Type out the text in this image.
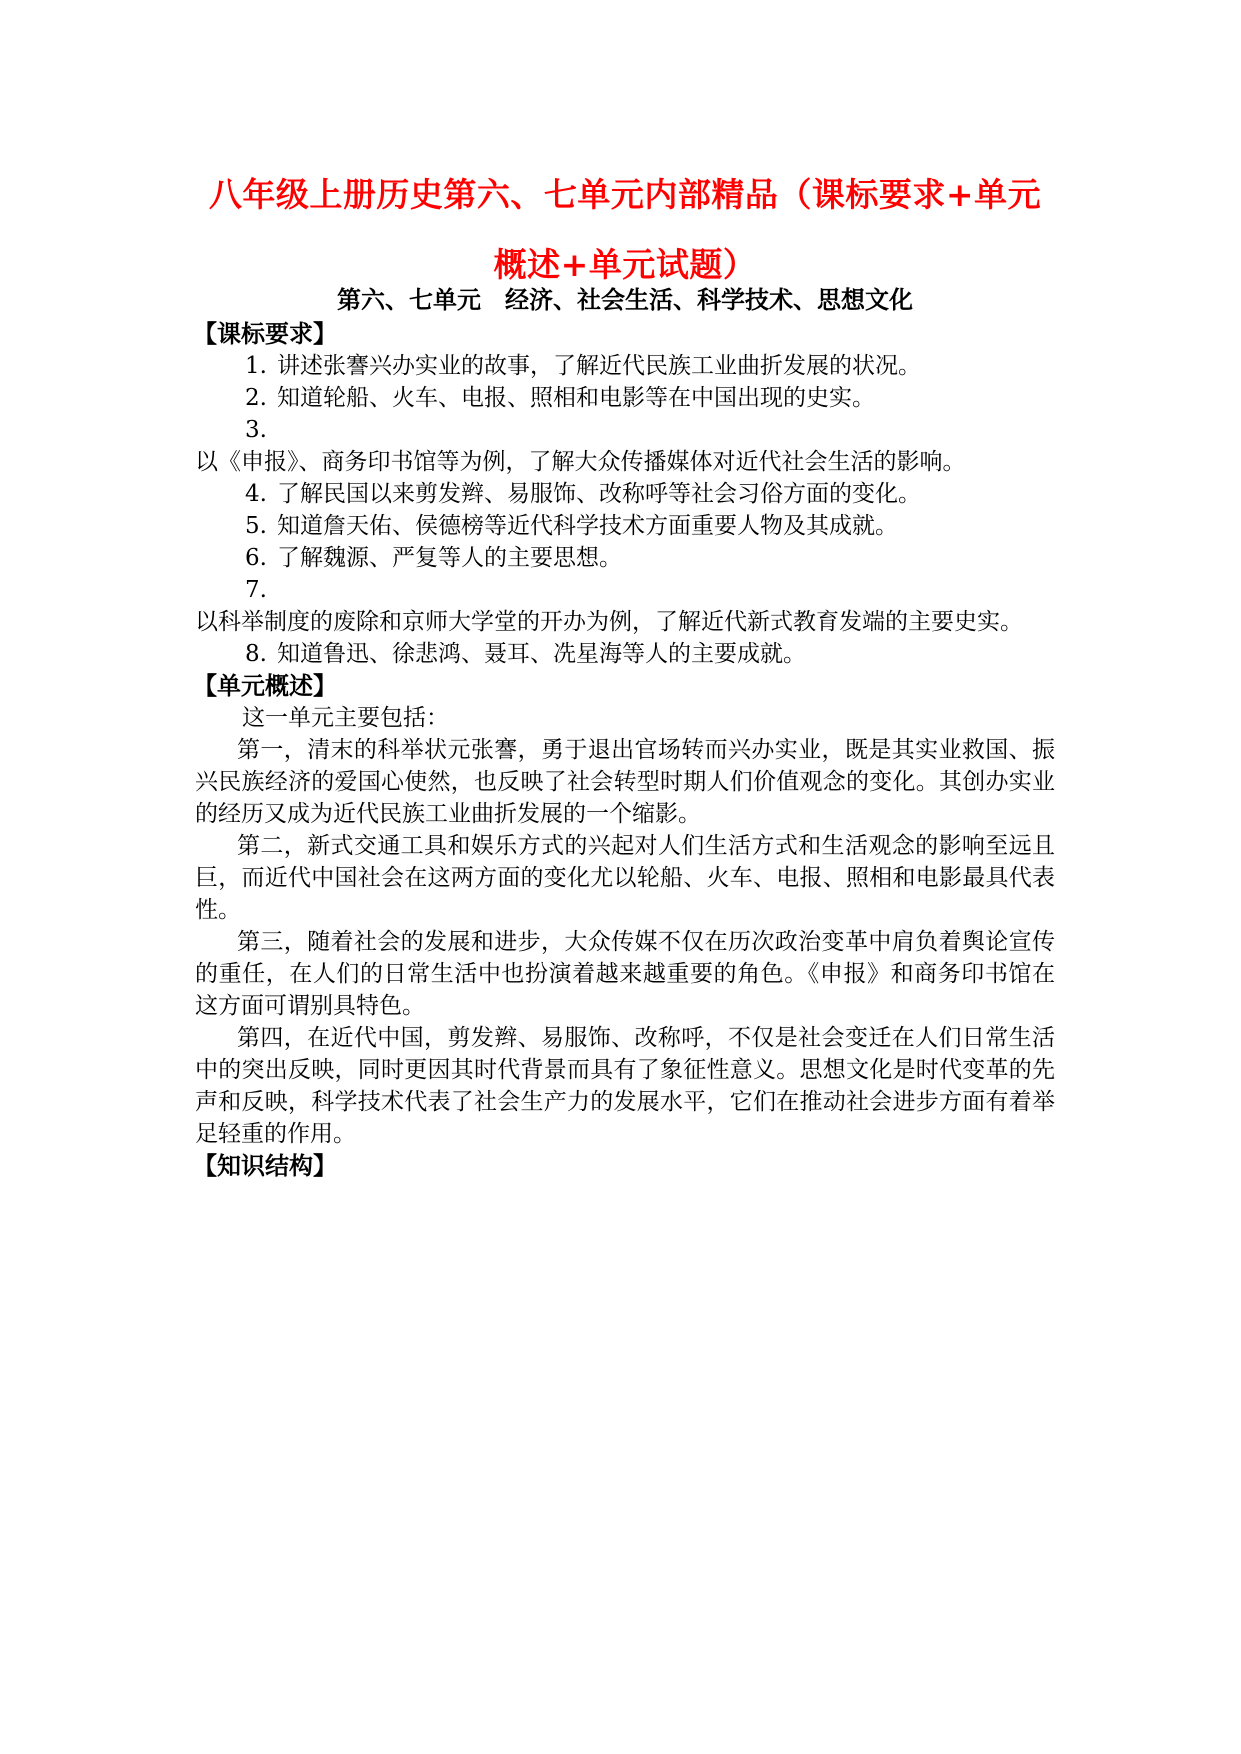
八年级上册历史第六、七单元内部精品（课标要求+单元概述+单元试题）
第六、七单元　经济、社会生活、科学技术、思想文化
【课标要求】
1. 讲述张謇兴办实业的故事，了解近代民族工业曲折发展的状况。
2. 知道轮船、火车、电报、照相和电影等在中国出现的史实。
3.
以《申报》、商务印书馆等为例，了解大众传播媒体对近代社会生活的影响。
4. 了解民国以来剪发辫、易服饰、改称呼等社会习俗方面的变化。
5. 知道詹天佑、侯德榜等近代科学技术方面重要人物及其成就。
6. 了解魏源、严复等人的主要思想。
7.
以科举制度的废除和京师大学堂的开办为例，了解近代新式教育发端的主要史实。
8. 知道鲁迅、徐悲鸿、聂耳、冼星海等人的主要成就。
【单元概述】
这一单元主要包括：
第一，清末的科举状元张謇，勇于退出官场转而兴办实业，既是其实业救国、振兴民族经济的爱国心使然，也反映了社会转型时期人们价值观念的变化。其创办实业的经历又成为近代民族工业曲折发展的一个缩影。
第二，新式交通工具和娱乐方式的兴起对人们生活方式和生活观念的影响至远且巨，而近代中国社会在这两方面的变化尤以轮船、火车、电报、照相和电影最具代表性。
第三，随着社会的发展和进步，大众传媒不仅在历次政治变革中肩负着舆论宣传的重任，在人们的日常生活中也扮演着越来越重要的角色。《申报》和商务印书馆在这方面可谓别具特色。
第四，在近代中国，剪发辫、易服饰、改称呼，不仅是社会变迁在人们日常生活中的突出反映，同时更因其时代背景而具有了象征性意义。思想文化是时代变革的先声和反映，科学技术代表了社会生产力的发展水平，它们在推动社会进步方面有着举足轻重的作用。
【知识结构】
